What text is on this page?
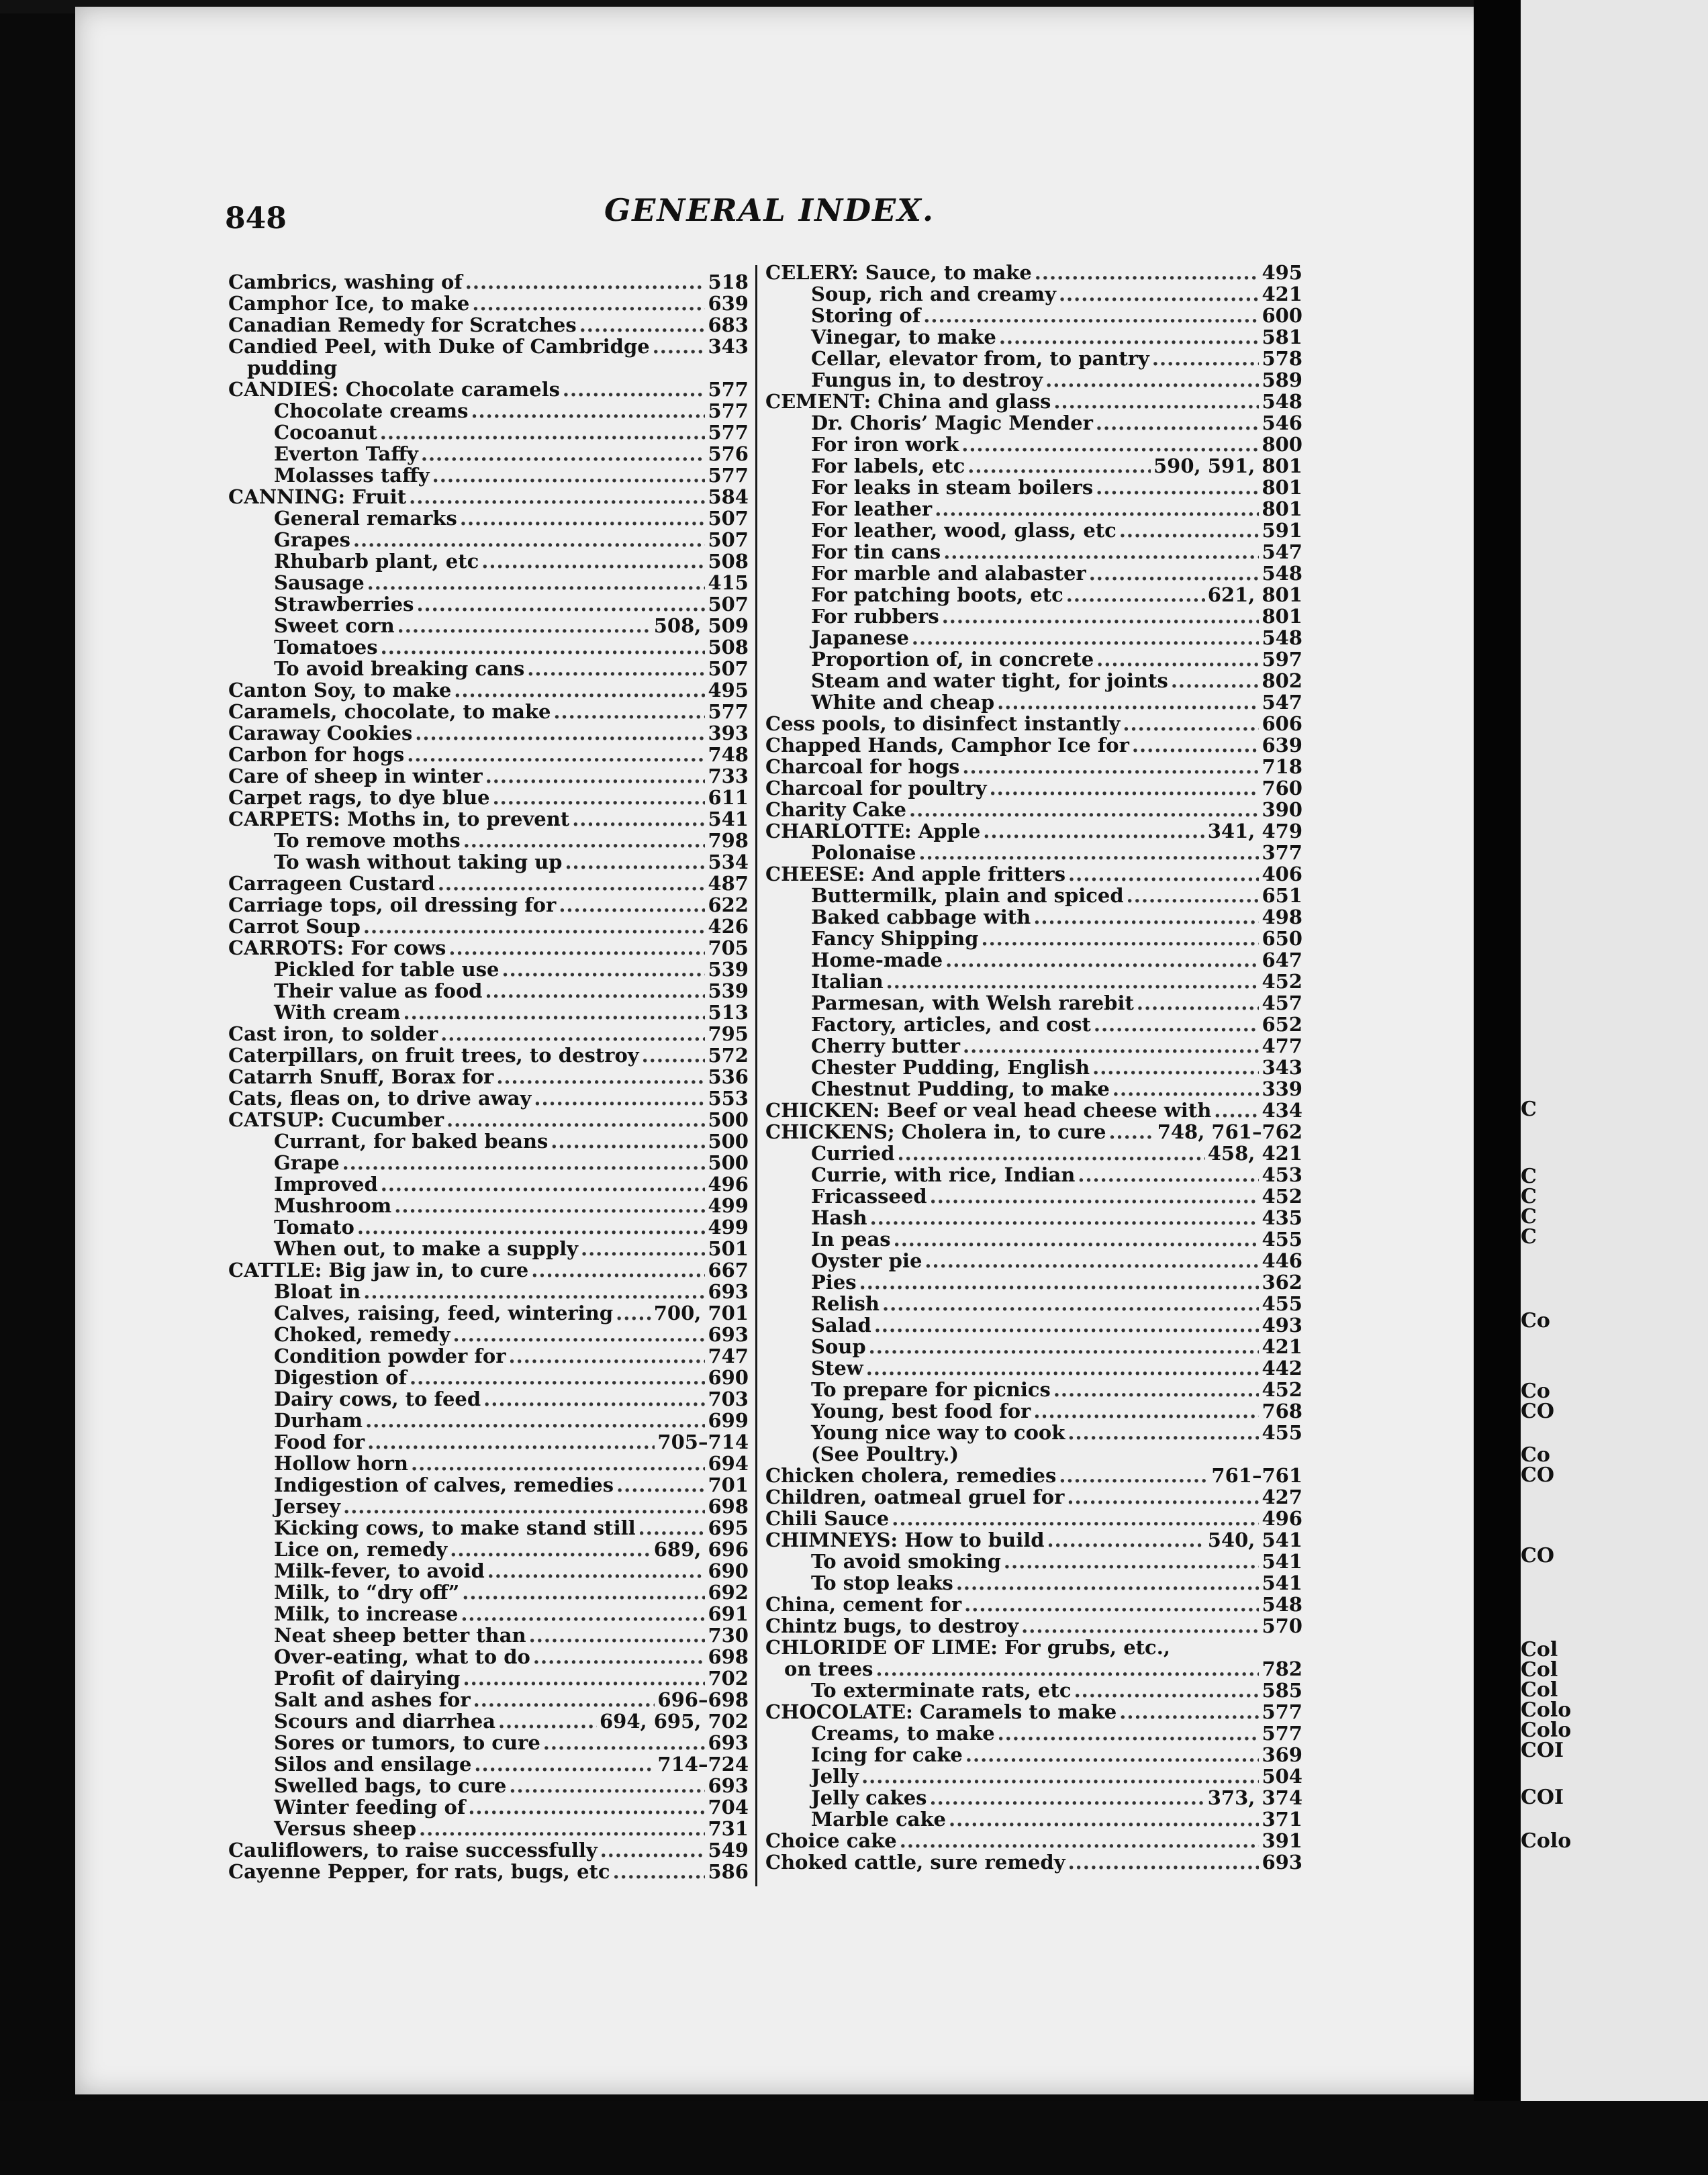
848	GENERAL INDEX.
Cambrics, washing of .....	518
Camphor Ice, to make .....	639
Canadian Remedy for Scratches .....	683
Candied Peel, with Duke of Cambridge .....	343
pudding
CANDIES: Chocolate caramels .....	577
Chocolate creams .....	577
Cocoanut .....	577
Everton Taffy .....	576
Molasses taffy .....	577
CANNING: Fruit .....	584
General remarks .....	507
Grapes .....	507
Rhubarb plant, etc .....	508
Sausage .....	415
Strawberries .....	507
Sweet corn .....	508, 509
Tomatoes .....	508
To avoid breaking cans .....	507
Canton Soy, to make .....	495
Caramels, chocolate, to make .....	577
Caraway Cookies .....	393
Carbon for hogs .....	748
Care of sheep in winter .....	733
Carpet rags, to dye blue .....	611
CARPETS: Moths in, to prevent .....	541
To remove moths .....	798
To wash without taking up .....	534
Carrageen Custard .....	487
Carriage tops, oil dressing for .....	622
Carrot Soup .....	426
CARROTS: For cows .....	705
Pickled for table use .....	539
Their value as food .....	539
With cream .....	513
Cast iron, to solder .....	795
Caterpillars, on fruit trees, to destroy .....	572
Catarrh Snuff, Borax for .....	536
Cats, fleas on, to drive away .....	553
CATSUP: Cucumber .....	500
Currant, for baked beans .....	500
Grape .....	500
Improved .....	496
Mushroom .....	499
Tomato .....	499
When out, to make a supply .....	501
CATTLE: Big jaw in, to cure .....	667
Bloat in .....	693
Calves, raising, feed, wintering ..... 700, 701
Choked, remedy .....	693
Condition powder for .....	747
Digestion of .....	690
Dairy cows, to feed .....	703
Durham .....	699
Food for .....	705–714
Hollow horn .....	694
Indigestion of calves, remedies .....	701
Jersey .....	698
Kicking cows, to make stand still .....	695
Lice on, remedy .....	689, 696
Milk-fever, to avoid .....	690
Milk, to “dry off” .....	692
Milk, to increase .....	691
Neat sheep better than .....	730
Over-eating, what to do .....	698
Profit of dairying .....	702
Salt and ashes for .....	696–698
Scours and diarrhea .....	694, 695, 702
Sores or tumors, to cure .....	693
Silos and ensilage .....	714–724
Swelled bags, to cure .....	693
Winter feeding of .....	704
Versus sheep .....	731
Cauliflowers, to raise successfully .....	549
Cayenne Pepper, for rats, bugs, etc .....	586
CELERY: Sauce, to make .....	495
Soup, rich and creamy .....	421
Storing of .....	600
Vinegar, to make .....	581
Cellar, elevator from, to pantry .....	578
Fungus in, to destroy .....	589
CEMENT: China and glass .....	548
Dr. Choris’ Magic Mender .....	546
For iron work .....	800
For labels, etc .....	590, 591, 801
For leaks in steam boilers .....	801
For leather .....	801
For leather, wood, glass, etc .....	591
For tin cans .....	547
For marble and alabaster .....	548
For patching boots, etc .....	621, 801
For rubbers .....	801
Japanese .....	548
Proportion of, in concrete .....	597
Steam and water tight, for joints .....	802
White and cheap .....	547
Cess pools, to disinfect instantly .....	606
Chapped Hands, Camphor Ice for .....	639
Charcoal for hogs .....	718
Charcoal for poultry .....	760
Charity Cake .....	390
CHARLOTTE: Apple .....	341, 479
Polonaise .....	377
CHEESE: And apple fritters .....	406
Buttermilk, plain and spiced .....	651
Baked cabbage with .....	498
Fancy Shipping .....	650
Home-made .....	647
Italian .....	452
Parmesan, with Welsh rarebit .....	457
Factory, articles, and cost .....	652
Cherry butter .....	477
Chester Pudding, English .....	343
Chestnut Pudding, to make .....	339
CHICKEN: Beef or veal head cheese with .....	434
CHICKENS; Cholera in, to cure .....	748, 761–762
Curried .....	458, 421
Currie, with rice, Indian .....	453
Fricasseed .....	452
Hash .....	435
In peas .....	455
Oyster pie .....	446
Pies .....	362
Relish .....	455
Salad .....	493
Soup .....	421
Stew .....	442
To prepare for picnics .....	452
Young, best food for .....	768
Young nice way to cook .....	455
(See Poultry.)
Chicken cholera, remedies .....	761–761
Children, oatmeal gruel for .....	427
Chili Sauce .....	496
CHIMNEYS: How to build .....	540, 541
To avoid smoking .....	541
To stop leaks .....	541
China, cement for .....	548
Chintz bugs, to destroy .....	570
CHLORIDE OF LIME: For grubs, etc.,
on trees .....	782
To exterminate rats, etc .....	585
CHOCOLATE: Caramels to make .....	577
Creams, to make .....	577
Icing for cake .....	369
Jelly .....	504
Jelly cakes .....	373, 374
Marble cake .....	371
Choice cake .....	391
Choked cattle, sure remedy .....	693
C
C
C
C
C
Co
Co
CO
Co
CO
CO
Col
Col
Col
Colo
Colo
COI
COI
Colo
